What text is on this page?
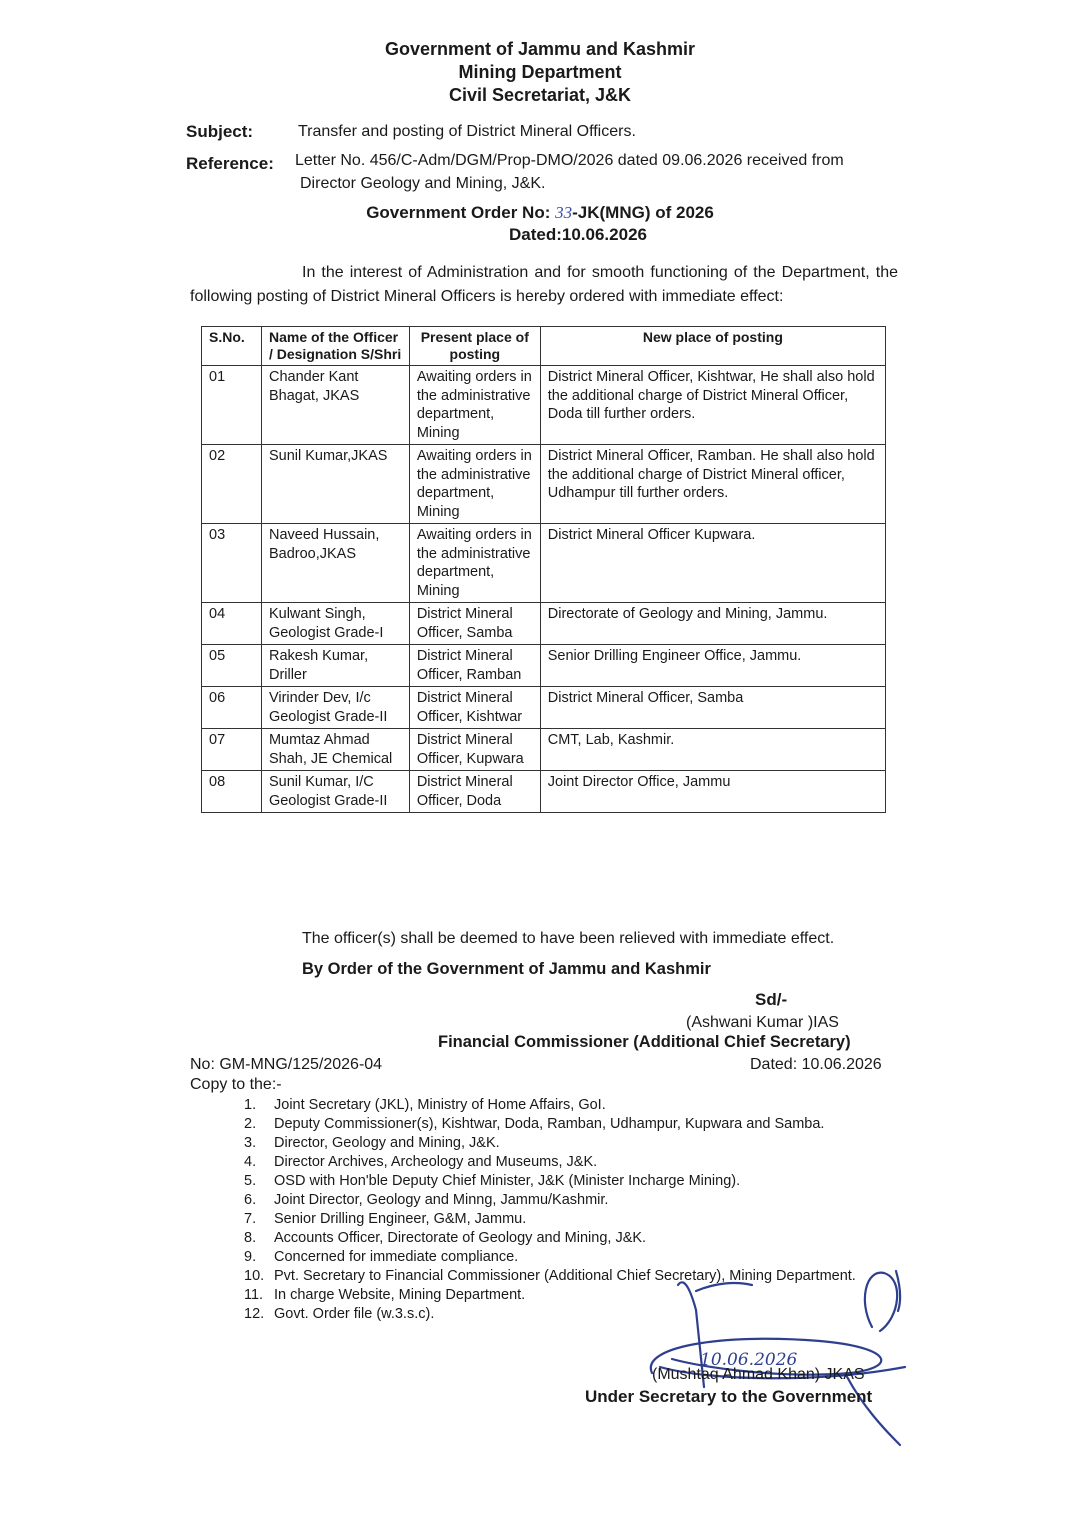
Government of Jammu and Kashmir
Mining Department
Civil Secretariat, J&K
Subject:	Transfer and posting of District Mineral Officers.
Reference: Letter No. 456/C-Adm/DGM/Prop-DMO/2026 dated 09.06.2026 received from
Director Geology and Mining, J&K.
Government Order No: 33-JK(MNG) of 2026
Dated:10.06.2026
In the interest of Administration and for smooth functioning of the Department, the following posting of District Mineral Officers is hereby ordered with immediate effect:
S.No.	Name of the Officer / Designation S/Shri	Present place of posting	New place of posting
01	Chander Kant Bhagat, JKAS	Awaiting orders in the administrative department, Mining	District Mineral Officer, Kishtwar, He shall also hold the additional charge of District Mineral Officer, Doda till further orders.
02	Sunil Kumar,JKAS	Awaiting orders in the administrative department, Mining	District Mineral Officer, Ramban. He shall also hold the additional charge of District Mineral officer, Udhampur till further orders.
03	Naveed Hussain, Badroo,JKAS	Awaiting orders in the administrative department, Mining	District Mineral Officer Kupwara.
04	Kulwant Singh, Geologist Grade-I	District Mineral Officer, Samba	Directorate of Geology and Mining, Jammu.
05	Rakesh Kumar, Driller	District Mineral Officer, Ramban	Senior Drilling Engineer Office, Jammu.
06	Virinder Dev, I/c Geologist Grade-II	District Mineral Officer, Kishtwar	District Mineral Officer, Samba
07	Mumtaz Ahmad Shah, JE Chemical	District Mineral Officer, Kupwara	CMT, Lab, Kashmir.
08	Sunil Kumar, I/C Geologist Grade-II	District Mineral Officer, Doda	Joint Director Office, Jammu
The officer(s) shall be deemed to have been relieved with immediate effect.
By Order of the Government of Jammu and Kashmir
Sd/-
(Ashwani Kumar )IAS
Financial Commissioner (Additional Chief Secretary)
No: GM-MNG/125/2026-04	Dated: 10.06.2026
Copy to the:-
1.	Joint Secretary (JKL), Ministry of Home Affairs, GoI.
2.	Deputy Commissioner(s), Kishtwar, Doda, Ramban, Udhampur, Kupwara and Samba.
3.	Director, Geology and Mining, J&K.
4.	Director Archives, Archeology and Museums, J&K.
5.	OSD with Hon'ble Deputy Chief Minister, J&K (Minister Incharge Mining).
6.	Joint Director, Geology and Minng, Jammu/Kashmir.
7.	Senior Drilling Engineer, G&M, Jammu.
8.	Accounts Officer, Directorate of Geology and Mining, J&K.
9.	Concerned for immediate compliance.
10. Pvt. Secretary to Financial Commissioner (Additional Chief Secretary), Mining Department.
11. In charge Website, Mining Department.
12. Govt. Order file (w.3.s.c).
10.06.2026
(Mushtaq Ahmad Khan) JKAS
Under Secretary to the Government
